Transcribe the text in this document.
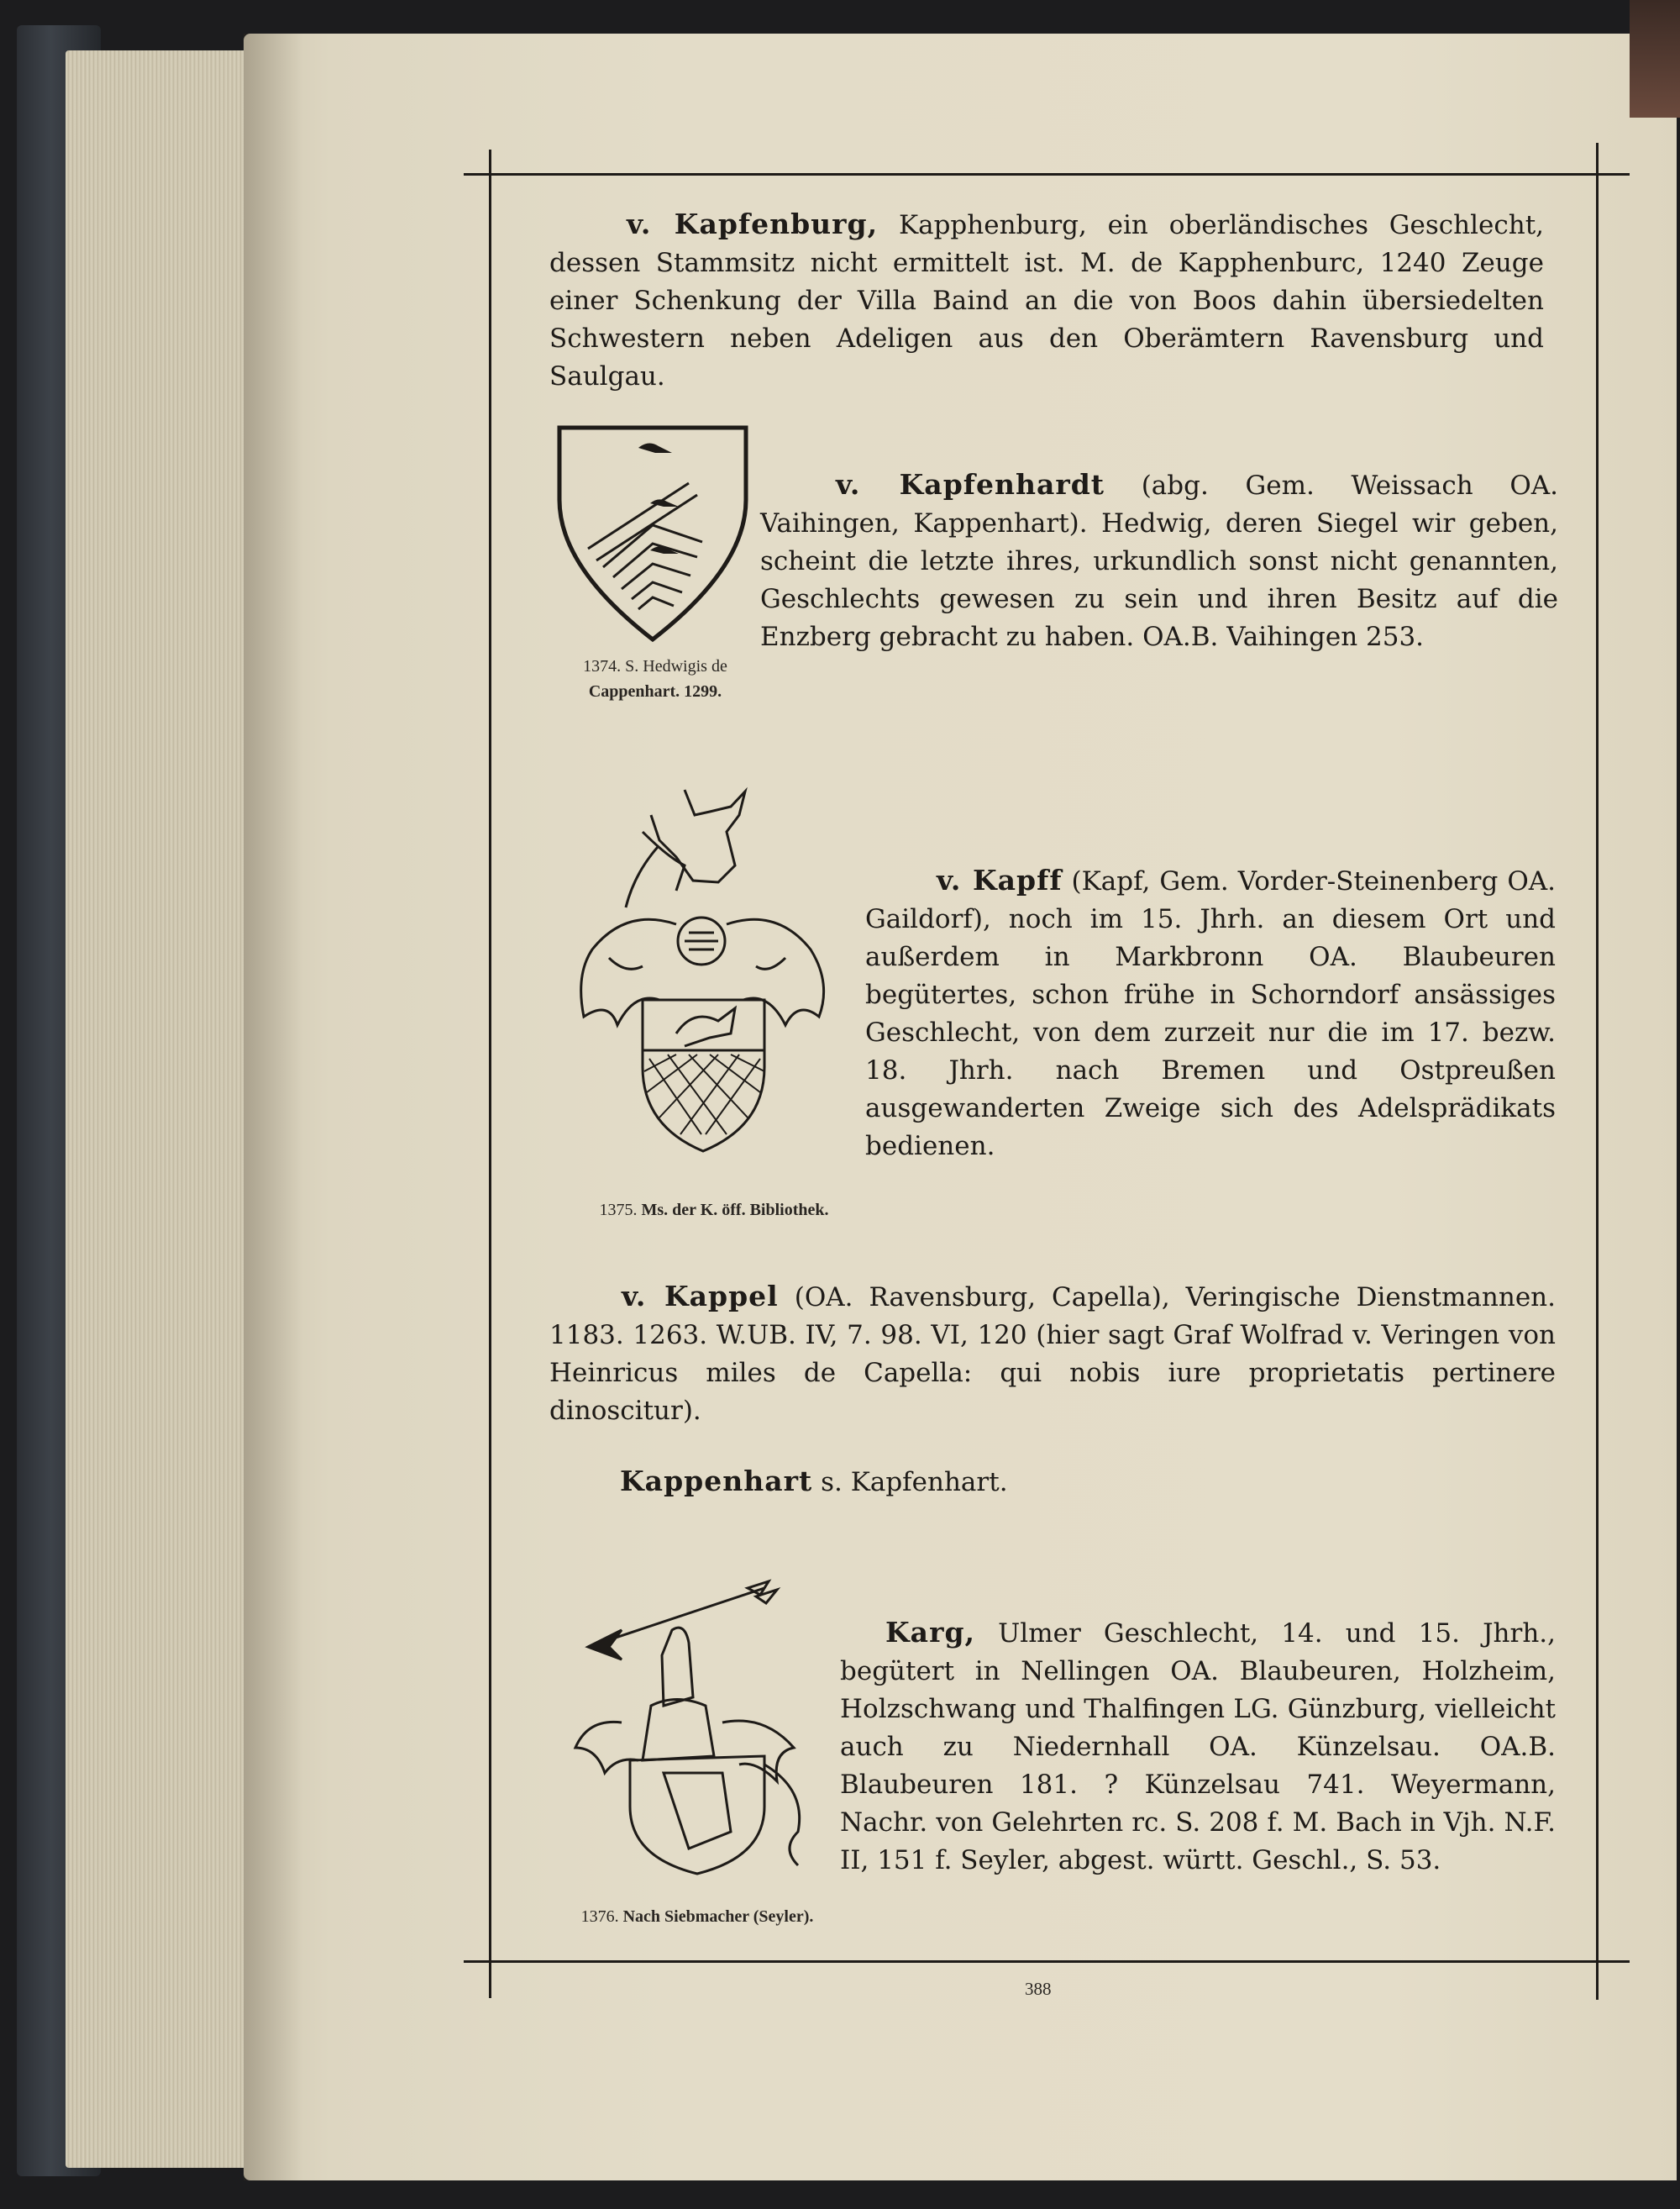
v. Kapfenburg, Kapphenburg, ein oberländisches Geschlecht, dessen Stammsitz nicht ermittelt ist. M. de Kapphenburc, 1240 Zeuge einer Schenkung der Villa Baind an die von Boos dahin übersiedelten Schwestern neben Adeligen aus den Oberämtern Ravensburg und Saulgau.

1374. S. Hedwigis de
Cappenhart. 1299.

v. Kapfenhardt (abg. Gem. Weissach OA. Vaihingen, Kappenhart). Hedwig, deren Siegel wir geben, scheint die letzte ihres, urkundlich sonst nicht genannten, Geschlechts gewesen zu sein und ihren Besitz auf die Enzberg gebracht zu haben. OA.B. Vaihingen 253.

1375. Ms. der K. öff. Bibliothek.

v. Kapff (Kapf, Gem. Vorder-Steinenberg OA. Gaildorf), noch im 15. Jhrh. an diesem Ort und außerdem in Markbronn OA. Blaubeuren begütertes, schon frühe in Schorndorf ansässiges Geschlecht, von dem zurzeit nur die im 17. bezw. 18. Jhrh. nach Bremen und Ostpreußen ausgewanderten Zweige sich des Adelsprädikats bedienen.

v. Kappel (OA. Ravensburg, Capella), Veringische Dienstmannen. 1183. 1263. W.UB. IV, 7. 98. VI, 120 (hier sagt Graf Wolfrad v. Veringen von Heinricus miles de Capella: qui nobis iure proprietatis pertinere dinoscitur).

Kappenhart s. Kapfenhart.

1376. Nach Siebmacher (Seyler).

Karg, Ulmer Geschlecht, 14. und 15. Jhrh., begütert in Nellingen OA. Blaubeuren, Holzheim, Holzschwang und Thalfingen LG. Günzburg, vielleicht auch zu Niedernhall OA. Künzelsau. OA.B. Blaubeuren 181. ? Künzelsau 741. Weyermann, Nachr. von Gelehrten rc. S. 208 f. M. Bach in Vjh. N.F. II, 151 f. Seyler, abgest. württ. Geschl., S. 53.

388
